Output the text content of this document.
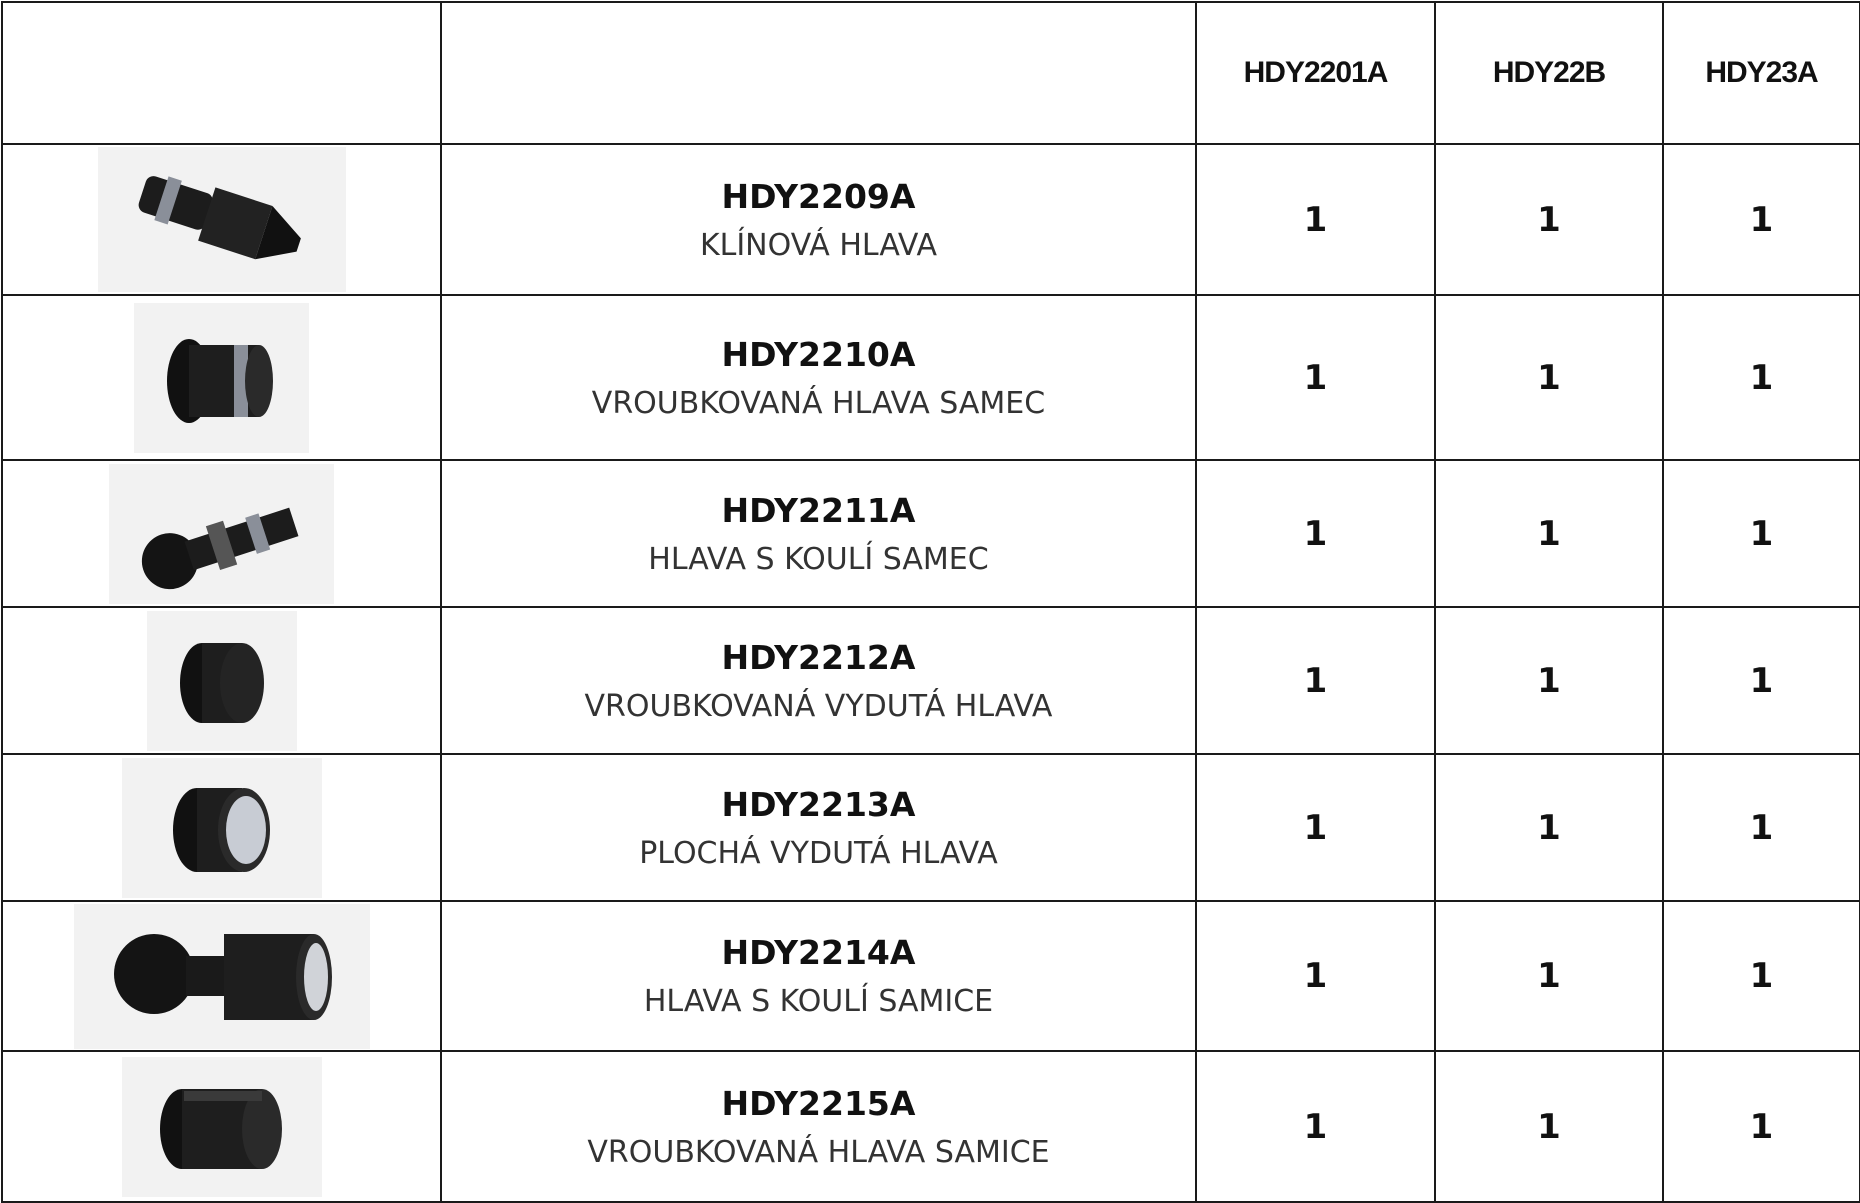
		HDY2201A	HDY22B	HDY23A

HDY2209A
KLÍNOVÁ HLAVA	1	1	1

HDY2210A
VROUBKOVANÁ HLAVA SAMEC	1	1	1

HDY2211A
HLAVA S KOULÍ SAMEC	1	1	1

HDY2212A
VROUBKOVANÁ VYDUTÁ HLAVA	1	1	1

HDY2213A
PLOCHÁ VYDUTÁ HLAVA	1	1	1

HDY2214A
HLAVA S KOULÍ SAMICE	1	1	1

HDY2215A
VROUBKOVANÁ HLAVA SAMICE	1	1	1
